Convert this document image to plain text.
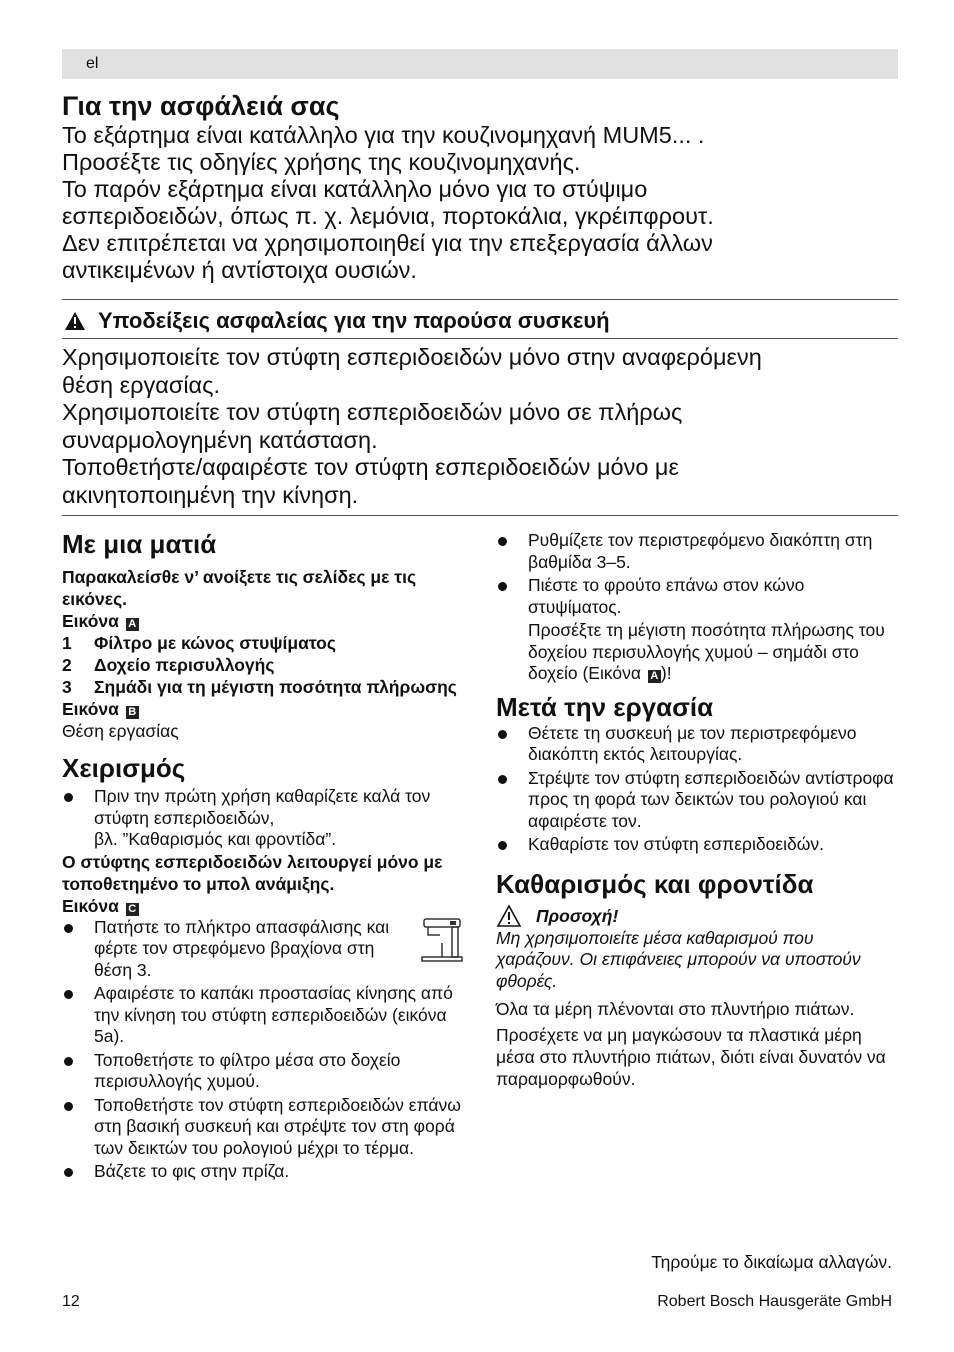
el
Για την ασφάλειά σας

Το εξάρτημα είναι κατάλληλο για την κουζινομηχανή MUM5... .

Προσέξτε τις οδηγίες χρήσης της κουζινομηχανής.

Το παρόν εξάρτημα είναι κατάλληλο μόνο για το στύψιμο

εσπεριδοειδών, όπως π. χ. λεμόνια, πορτοκάλια, γκρέιπφρουτ.

Δεν επιτρέπεται να χρησιμοποιηθεί για την επεξεργασία άλλων

αντικειμένων ή αντίστοιχα ουσιών.

Υποδείξεις ασφαλείας για την παρούσα συσκευή

Χρησιμοποιείτε τον στύφτη εσπεριδοειδών μόνο στην αναφερόμενη

θέση εργασίας.

Χρησιμοποιείτε τον στύφτη εσπεριδοειδών μόνο σε πλήρως

συναρμολογημένη κατάσταση.

Τοποθετήστε/αφαιρέστε τον στύφτη εσπεριδοειδών μόνο με

ακινητοποιημένη την κίνηση.

Με μια ματιά

Παρακαλείσθε ν’ ανοίξετε τις σελίδες με τις εικόνες.

Εικόνα A

1	Φίλτρο με κώνος στυψίματος
2	Δοχείο περισυλλογής
3	Σημάδι για τη μέγιστη ποσότητα πλήρωσης

Εικόνα B

Θέση εργασίας

Χειρισμός
Πριν την πρώτη χρήση καθαρίζετε καλά τον στύφτη εσπεριδοειδών,
βλ. ”Καθαρισμός και φροντίδα”.

Ο στύφτης εσπεριδοειδών λειτουργεί μόνο με τοποθετημένο το μπολ ανάμιξης.

Εικόνα C

Πατήστε το πλήκτρο απασφάλισης και φέρτε τον στρεφόμενο βραχίονα στη θέση 3.
Αφαιρέστε το καπάκι προστασίας κίνησης από την κίνηση του στύφτη εσπεριδοειδών (εικόνα 5a).
Τοποθετήστε το φίλτρο μέσα στο δοχείο περισυλλογής χυμού.
Τοποθετήστε τον στύφτη εσπεριδοειδών επάνω στη βασική συσκευή και στρέψτε τον στη φορά των δεικτών του ρολογιού μέχρι το τέρμα.
Βάζετε το φις στην πρίζα.
Ρυθμίζετε τον περιστρεφόμενο διακόπτη στη βαθμίδα 3–5.
Πιέστε το φρούτο επάνω στον κώνο στυψίματος.
Προσέξτε τη μέγιστη ποσότητα πλήρωσης του δοχείου περισυλλογής χυμού – σημάδι στο δοχείο (Εικόνα A )!
Μετά την εργασία
Θέτετε τη συσκευή με τον περιστρεφόμενο διακόπτη εκτός λειτουργίας.
Στρέψτε τον στύφτη εσπεριδοειδών αντίστροφα προς τη φορά των δεικτών του ρολογιού και αφαιρέστε τον.
Καθαρίστε τον στύφτη εσπεριδοειδών.
Καθαρισμός και φροντίδα
Προσοχή!

Μη χρησιμοποιείτε μέσα καθαρισμού που χαράζουν. Οι επιφάνειες μπορούν να υποστούν φθορές.

Όλα τα μέρη πλένονται στο πλυντήριο πιάτων.

Προσέχετε να μη μαγκώσουν τα πλαστικά μέρη μέσα στο πλυντήριο πιάτων, διότι είναι δυνατόν να παραμορφωθούν.

Τηρούμε το δικαίωμα αλλαγών.
12	Robert Bosch Hausgeräte GmbH
